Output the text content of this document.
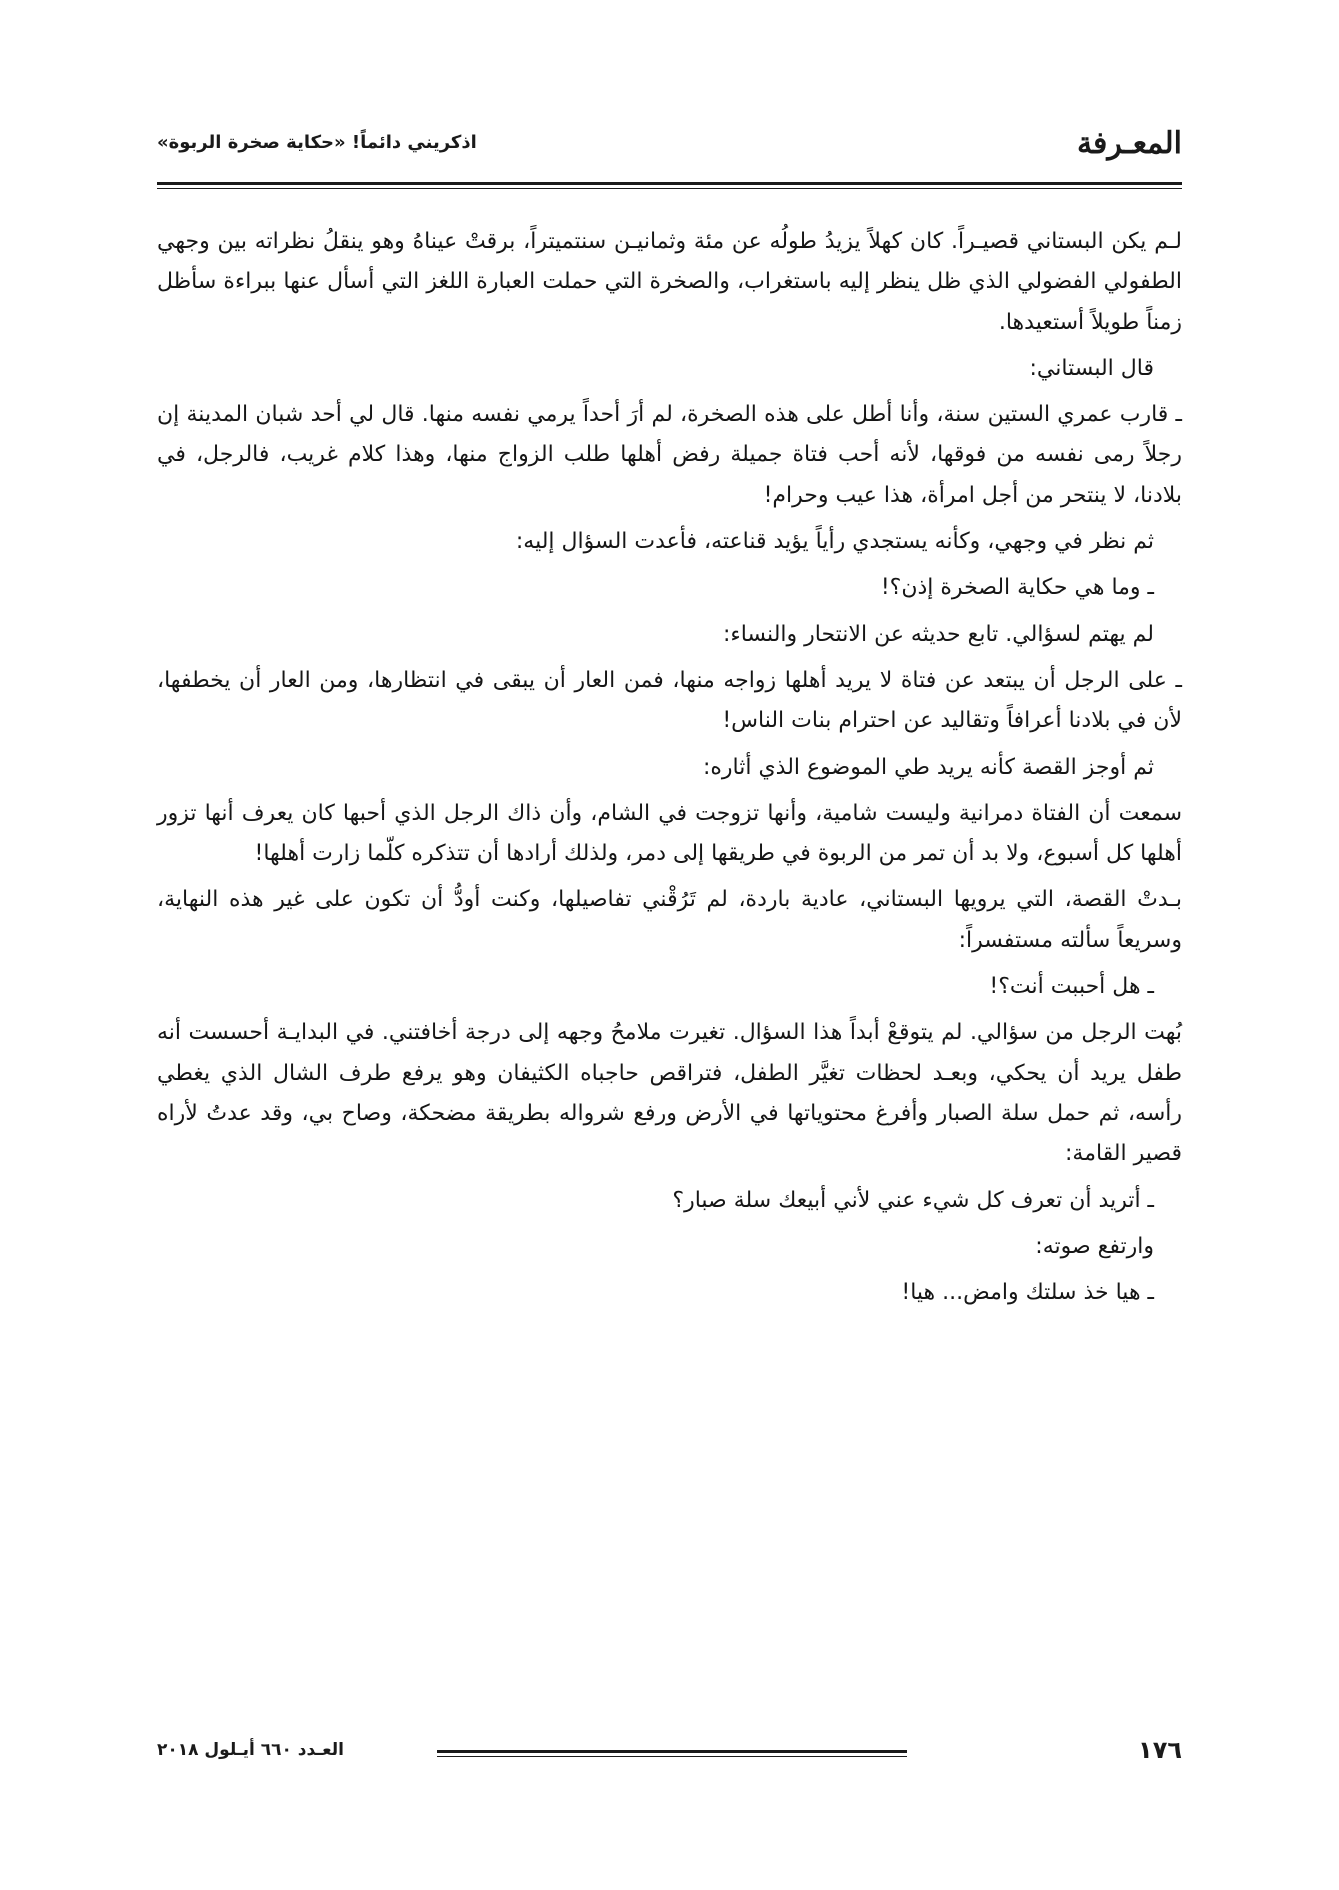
المعـرفة
اذكريني دائماً! «حكاية صخرة الربوة»

لـم يكن البستاني قصيـراً. كان كهلاً يزيدُ طولُه عن مئة وثمانيـن سنتميتراً، برقتْ عيناهُ وهو ينقلُ نظراته بين وجهي الطفولي الفضولي الذي ظل ينظر إليه باستغراب، والصخرة التي حملت العبارة اللغز التي أسأل عنها ببراءة سأظل زمناً طويلاً أستعيدها.

قال البستاني:

ـ قارب عمري الستين سنة، وأنا أطل على هذه الصخرة، لم أرَ أحداً يرمي نفسه منها. قال لي أحد شبان المدينة إن رجلاً رمى نفسه من فوقها، لأنه أحب فتاة جميلة رفض أهلها طلب الزواج منها، وهذا كلام غريب، فالرجل، في بلادنا، لا ينتحر من أجل امرأة، هذا عيب وحرام!

ثم نظر في وجهي، وكأنه يستجدي رأياً يؤيد قناعته، فأعدت السؤال إليه:

ـ وما هي حكاية الصخرة إذن؟!

لم يهتم لسؤالي. تابع حديثه عن الانتحار والنساء:

ـ على الرجل أن يبتعد عن فتاة لا يريد أهلها زواجه منها، فمن العار أن يبقى في انتظارها، ومن العار أن يخطفها، لأن في بلادنا أعرافاً وتقاليد عن احترام بنات الناس!

ثم أوجز القصة كأنه يريد طي الموضوع الذي أثاره:

سمعت أن الفتاة دمرانية وليست شامية، وأنها تزوجت في الشام، وأن ذاك الرجل الذي أحبها كان يعرف أنها تزور أهلها كل أسبوع، ولا بد أن تمر من الربوة في طريقها إلى دمر، ولذلك أرادها أن تتذكره كلّما زارت أهلها!

بـدتْ القصة، التي يرويها البستاني، عادية باردة، لم تَرُقْني تفاصيلها، وكنت أودُّ أن تكون على غير هذه النهاية، وسريعاً سألته مستفسراً:

ـ هل أحببت أنت؟!

بُهت الرجل من سؤالي. لم يتوقعْ أبداً هذا السؤال. تغيرت ملامحُ وجهه إلى درجة أخافتني. في البدايـة أحسست أنه طفل يريد أن يحكي، وبعـد لحظات تغيَّر الطفل، فتراقص حاجباه الكثيفان وهو يرفع طرف الشال الذي يغطي رأسه، ثم حمل سلة الصبار وأفرغ محتوياتها في الأرض ورفع شرواله بطريقة مضحكة، وصاح بي، وقد عدتُ لأراه قصير القامة:

ـ أتريد أن تعرف كل شيء عني لأني أبيعك سلة صبار؟

وارتفع صوته:

ـ هيا خذ سلتك وامض... هيا!

١٧٦
العـدد ٦٦٠ أيـلول ٢٠١٨
